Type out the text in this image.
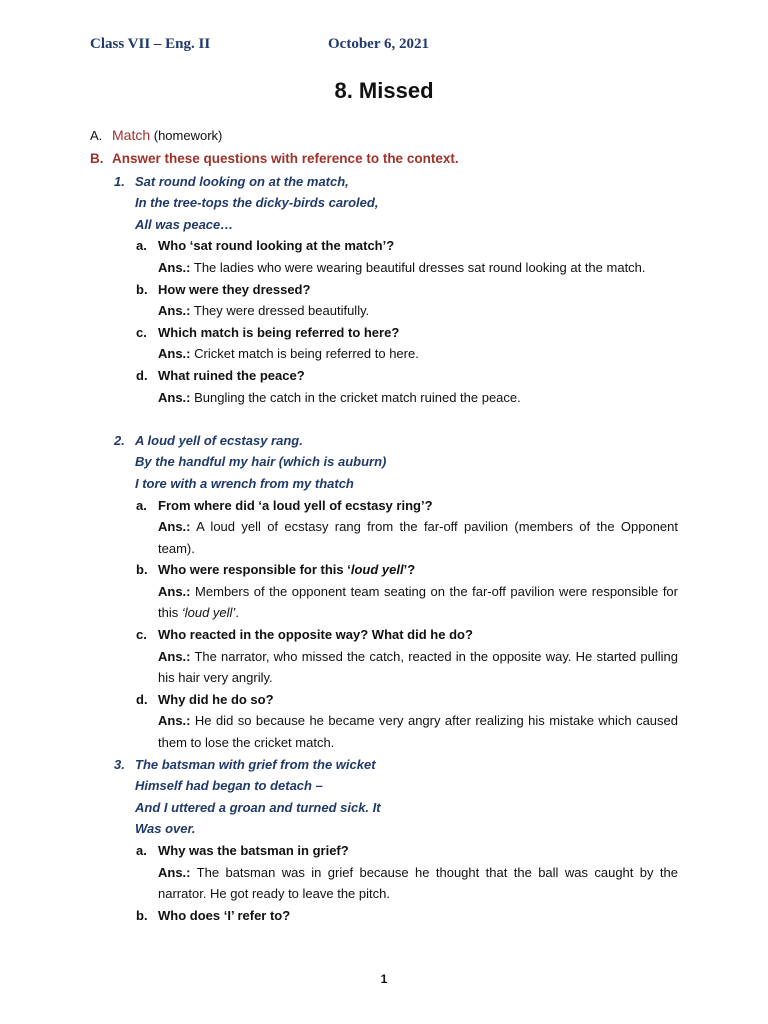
Class VII – Eng. II	October 6, 2021
8. Missed
A. Match (homework)
B. Answer these questions with reference to the context.
1. Sat round looking on at the match,
In the tree-tops the dicky-birds caroled,
All was peace…
a. Who ‘sat round looking at the match’?
Ans.: The ladies who were wearing beautiful dresses sat round looking at the match.
b. How were they dressed?
Ans.: They were dressed beautifully.
c. Which match is being referred to here?
Ans.: Cricket match is being referred to here.
d. What ruined the peace?
Ans.: Bungling the catch in the cricket match ruined the peace.
2. A loud yell of ecstasy rang.
By the handful my hair (which is auburn)
I tore with a wrench from my thatch
a. From where did ‘a loud yell of ecstasy ring’?
Ans.: A loud yell of ecstasy rang from the far-off pavilion (members of the Opponent team).
b. Who were responsible for this ‘loud yell’?
Ans.: Members of the opponent team seating on the far-off pavilion were responsible for this ‘loud yell’.
c. Who reacted in the opposite way? What did he do?
Ans.: The narrator, who missed the catch, reacted in the opposite way. He started pulling his hair very angrily.
d. Why did he do so?
Ans.: He did so because he became very angry after realizing his mistake which caused them to lose the cricket match.
3. The batsman with grief from the wicket
Himself had began to detach –
And I uttered a groan and turned sick. It
Was over.
a. Why was the batsman in grief?
Ans.: The batsman was in grief because he thought that the ball was caught by the narrator. He got ready to leave the pitch.
b. Who does ‘I’ refer to?
1
